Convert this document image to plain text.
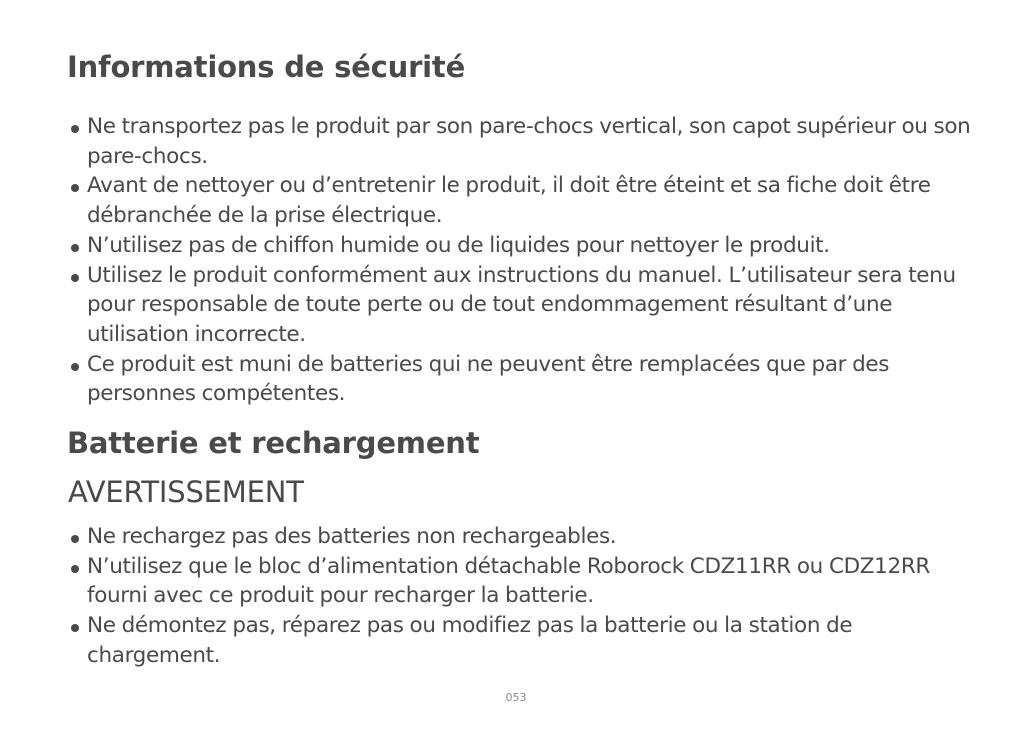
Informations de sécurité
Ne transportez pas le produit par son pare-chocs vertical, son capot supérieur ou son pare-chocs.
Avant de nettoyer ou d’entretenir le produit, il doit être éteint et sa fiche doit être débranchée de la prise électrique.
N’utilisez pas de chiffon humide ou de liquides pour nettoyer le produit.
Utilisez le produit conformément aux instructions du manuel. L’utilisateur sera tenu pour responsable de toute perte ou de tout endommagement résultant d’une utilisation incorrecte.
Ce produit est muni de batteries qui ne peuvent être remplacées que par des personnes compétentes.
Batterie et rechargement
AVERTISSEMENT
Ne rechargez pas des batteries non rechargeables.
N’utilisez que le bloc d’alimentation détachable Roborock CDZ11RR ou CDZ12RR fourni avec ce produit pour recharger la batterie.
Ne démontez pas, réparez pas ou modifiez pas la batterie ou la station de chargement.
053
